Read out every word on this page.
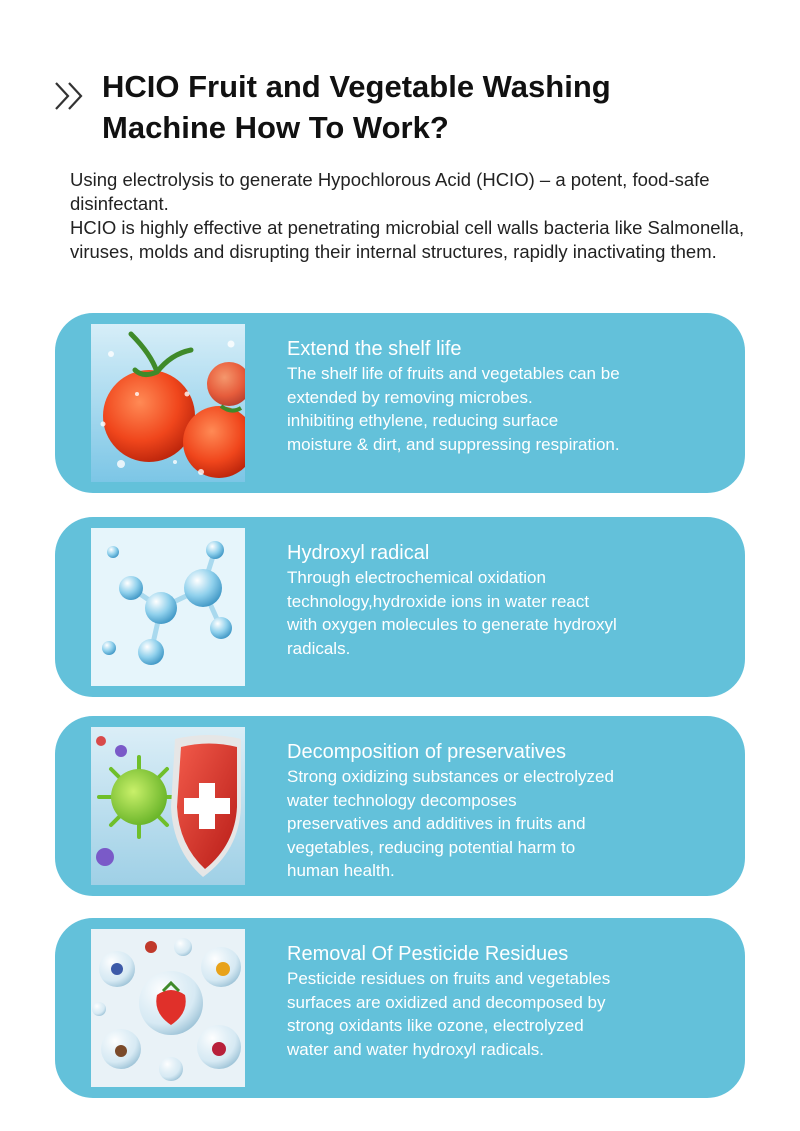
HCIO Fruit and Vegetable Washing
Machine How To Work?

Using electrolysis to generate Hypochlorous Acid (HCIO) – a potent, food-safe disinfectant.

HCIO is highly effective at penetrating microbial cell walls bacteria like Salmonella, viruses, molds and disrupting their internal structures, rapidly inactivating them.

Extend the shelf life

The shelf life of fruits and vegetables can be
extended by removing microbes.
inhibiting ethylene, reducing surface
moisture & dirt, and suppressing respiration.

Hydroxyl radical

Through electrochemical oxidation
technology,hydroxide ions in water react
with oxygen molecules to generate hydroxyl
radicals.

Decomposition of preservatives

Strong oxidizing substances or electrolyzed
water technology decomposes
preservatives and additives in fruits and
vegetables, reducing potential harm to
human health.

Removal Of Pesticide Residues

Pesticide residues on fruits and vegetables
surfaces are oxidized and decomposed by
strong oxidants like ozone, electrolyzed
water and water hydroxyl radicals.
